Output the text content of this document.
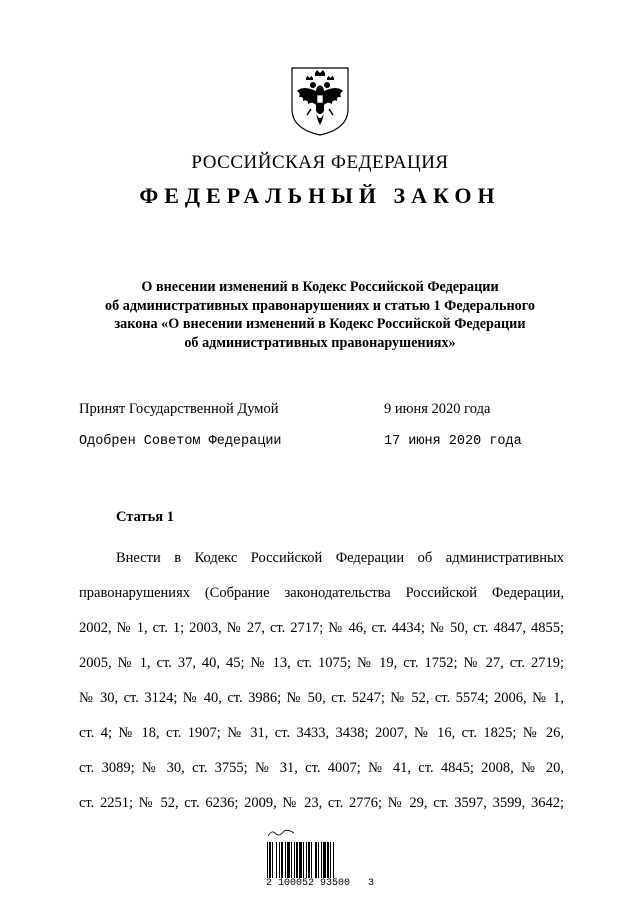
РОССИЙСКАЯ ФЕДЕРАЦИЯ
ФЕДЕРАЛЬНЫЙ ЗАКОН
О внесении изменений в Кодекс Российской Федерации
об административных правонарушениях и статью 1 Федерального
закона «О внесении изменений в Кодекс Российской Федерации
об административных правонарушениях»
Принят Государственной Думой	9 июня 2020 года
Одобрен Советом Федерации	17 июня 2020 года
Статья 1
Внести в Кодекс Российской Федерации об административных
правонарушениях (Собрание законодательства Российской Федерации,
2002, № 1, ст. 1; 2003, № 27, ст. 2717; № 46, ст. 4434; № 50, ст. 4847, 4855;
2005, № 1, ст. 37, 40, 45; № 13, ст. 1075; № 19, ст. 1752; № 27, ст. 2719;
№ 30, ст. 3124; № 40, ст. 3986; № 50, ст. 5247; № 52, ст. 5574; 2006, № 1,
ст. 4; № 18, ст. 1907; № 31, ст. 3433, 3438; 2007, № 16, ст. 1825; № 26,
ст. 3089; № 30, ст. 3755; № 31, ст. 4007; № 41, ст. 4845; 2008, № 20,
ст. 2251; № 52, ст. 6236; 2009, № 23, ст. 2776; № 29, ст. 3597, 3599, 3642;
2 100052 93500   3
